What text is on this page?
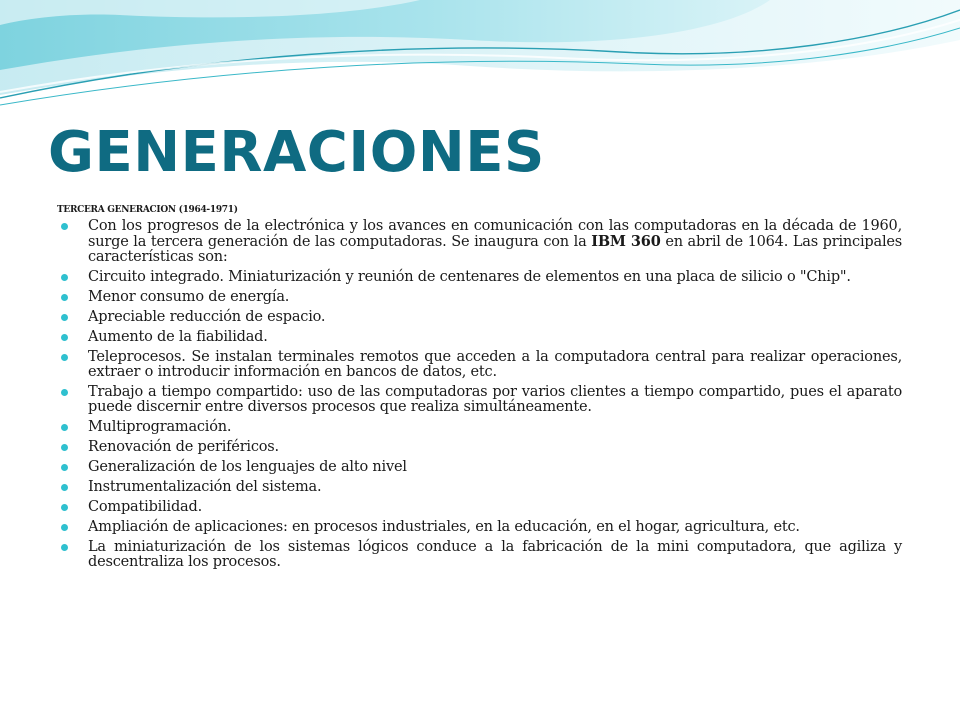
GENERACIONES
TERCERA GENERACION (1964-1971)
Con los progresos de la electrónica y los avances en comunicación con las computadoras en la década de 1960, surge la tercera generación de las computadoras. Se inaugura con la IBM 360 en abril de 1064. Las principales características son:
Circuito integrado. Miniaturización y reunión de centenares de elementos en una placa de silicio o "Chip".
Menor consumo de energía.
Apreciable reducción de espacio.
Aumento de la fiabilidad.
Teleprocesos. Se instalan terminales remotos que acceden a la computadora central para realizar operaciones, extraer o introducir información en bancos de datos, etc.
Trabajo a tiempo compartido: uso de las computadoras por varios clientes a tiempo compartido, pues el aparato puede discernir entre diversos procesos que realiza simultáneamente.
Multiprogramación.
Renovación de periféricos.
Generalización de los lenguajes de alto nivel
Instrumentalización del sistema.
Compatibilidad.
Ampliación de aplicaciones: en procesos industriales, en la educación, en el hogar, agricultura, etc.
La miniaturización de los sistemas lógicos conduce a la fabricación de la mini computadora, que agiliza y descentraliza los procesos.
